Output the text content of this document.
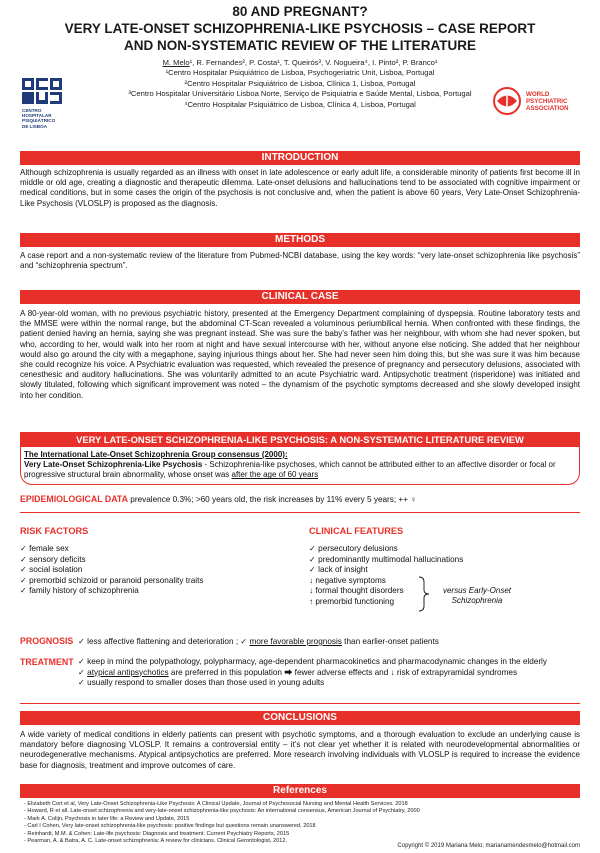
80 AND PREGNANT?
VERY LATE-ONSET SCHIZOPHRENIA-LIKE PSYCHOSIS – CASE REPORT
AND NON-SYSTEMATIC REVIEW OF THE LITERATURE
CENTRO
HOSPITALAR
PSIQUIÁTRICO
DE LISBOA
M. Melo¹, R. Fernandes², P. Costa¹, T. Queirós³, V. Nogueira⁴, I. Pinto², P. Branco¹
¹Centro Hospitalar Psiquiátrico de Lisboa, Psychogeriatric Unit, Lisboa, Portugal
²Centro Hospitalar Psiquiátrico de Lisboa, Clínica 1, Lisboa, Portugal
³Centro Hospitalar Universitário Lisboa Norte, Serviço de Psiquiatria e Saúde Mental, Lisboa, Portugal
⁴Centro Hospitalar Psiquiátrico de Lisboa, Clínica 4, Lisboa, Portugal
WORLD
PSYCHIATRIC
ASSOCIATION
INTRODUCTION
Although schizophrenia is usually regarded as an illness with onset in late adolescence or early adult life, a considerable minority of patients first become ill in middle or old age, creating a diagnostic and therapeutic dilemma. Late-onset delusions and hallucinations tend to be associated with cognitive impairment or medical conditions, but in some cases the origin of the psychosis is not conclusive and, when the patient is above 60 years, Very Late-Onset Schizophrenia-Like Psychosis (VLOSLP) is proposed as the diagnosis.
METHODS
A case report and a non-systematic review of the literature from Pubmed-NCBI database, using the key words: “very late-onset schizophrenia like psychosis” and “schizophrenia spectrum”.
CLINICAL CASE
A 80-year-old woman, with no previous psychiatric history, presented at the Emergency Department complaining of dyspepsia. Routine laboratory tests and the MMSE were within the normal range, but the abdominal CT-Scan revealed a voluminous periumbilical hernia. When confronted with these findings, the patient denied having an hernia, saying she was pregnant instead. She was sure the baby’s father was her neighbour, with whom she had never spoken, but who, according to her, would walk into her room at night and have sexual intercourse with her, without anyone else noticing. She added that her neighbour would also go around the city with a megaphone, saying injurious things about her. She had never seen him doing this, but she was sure it was him because she could recognize his voice. A Psychiatric evaluation was requested, which revealed the presence of pregnancy and persecutory delusions, associated with cenesthesic and auditory hallucinations. She was voluntarily admitted to an acute Psychiatric ward. Antipsychotic treatment (risperidone) was initiated and slowly titulated, following which significant improvement was noted – the dynamism of the psychotic symptoms decreased and she slowly developed insight into her condition.
VERY LATE-ONSET SCHIZOPHRENIA-LIKE PSYCHOSIS: A NON-SYSTEMATIC LITERATURE REVIEW
The International Late-Onset Schizophrenia Group consensus (2000):
Very Late-Onset Schizophrenia-Like Psychosis - Schizophrenia-like psychoses, which cannot be attributed either to an affective disorder or focal or progressive structural brain abnormality, whose onset was after the age of 60 years
EPIDEMIOLOGICAL DATA prevalence 0.3%; >60 years old, the risk increases by 11% every 5 years; ++ ♀
RISK FACTORS
✓ female sex
✓ sensory deficits
✓ social isolation
✓ premorbid schizoid or paranoid personality traits
✓ family history of schizophrenia
CLINICAL FEATURES
✓ persecutory delusions
✓ predominantly multimodal hallucinations
✓ lack of insight
↓ negative symptoms
↓ formal thought disorders
↑ premorbid functioning
versus Early-Onset
Schizophrenia
PROGNOSIS ✓ less affective flattening and deterioration ; ✓ more favorable prognosis than earlier-onset patients
TREATMENT ✓ keep in mind the polypathology, polypharmacy, age-dependent pharmacokinetics and pharmacodynamic changes in the elderly
✓ atypical antipsychotics are preferred in this population ⮕ fewer adverse effects and ↓ risk of extrapyramidal syndromes
✓ usually respond to smaller doses than those used in young adults
CONCLUSIONS
A wide variety of medical conditions in elderly patients can present with psychotic symptoms, and a thorough evaluation to exclude an underlying cause is mandatory before diagnosing VLOSLP. It remains a controversial entity – it’s not clear yet whether it is related with neurodevelopmental abnormalities or neurodegenerative mechanisms. Atypical antipsychotics are preferred. More research involving individuals with VLOSLP is required to increase the evidence base for diagnosis, treatment and improve outcomes of care.
References
- Elizabeth Cort et al, Very Late-Onset Schizophrenia-Like Psychosis: A Clinical Update, Journal of Psychosocial Nursing and Mental Health Services. 2018
- Howard, R et all. Late-onset schizophrenia and very-late-onset schizophrenia-like psychosis: An international consensus, American Journal of Psychiatry, 2000
- Mark A. Colijn, Psychosis in later life: a Review and Update, 2015
- Carl I Cohen, Very late-onset schizophrenia-like psychosis: positive findings but questions remain unanswered, 2018
- Reinhardt, M.M. & Cohen: Late-life psychosis: Diagnosis and treatment. Current Psychiatry Reports, 2015
- Pearman, A. & Batra, A. C. Late-onset schizophrenia: A review for clinicians. Clinical Gerontologist, 2012.
Copyright © 2019 Mariana Melo; marianamendesmelo@hotmail.com
